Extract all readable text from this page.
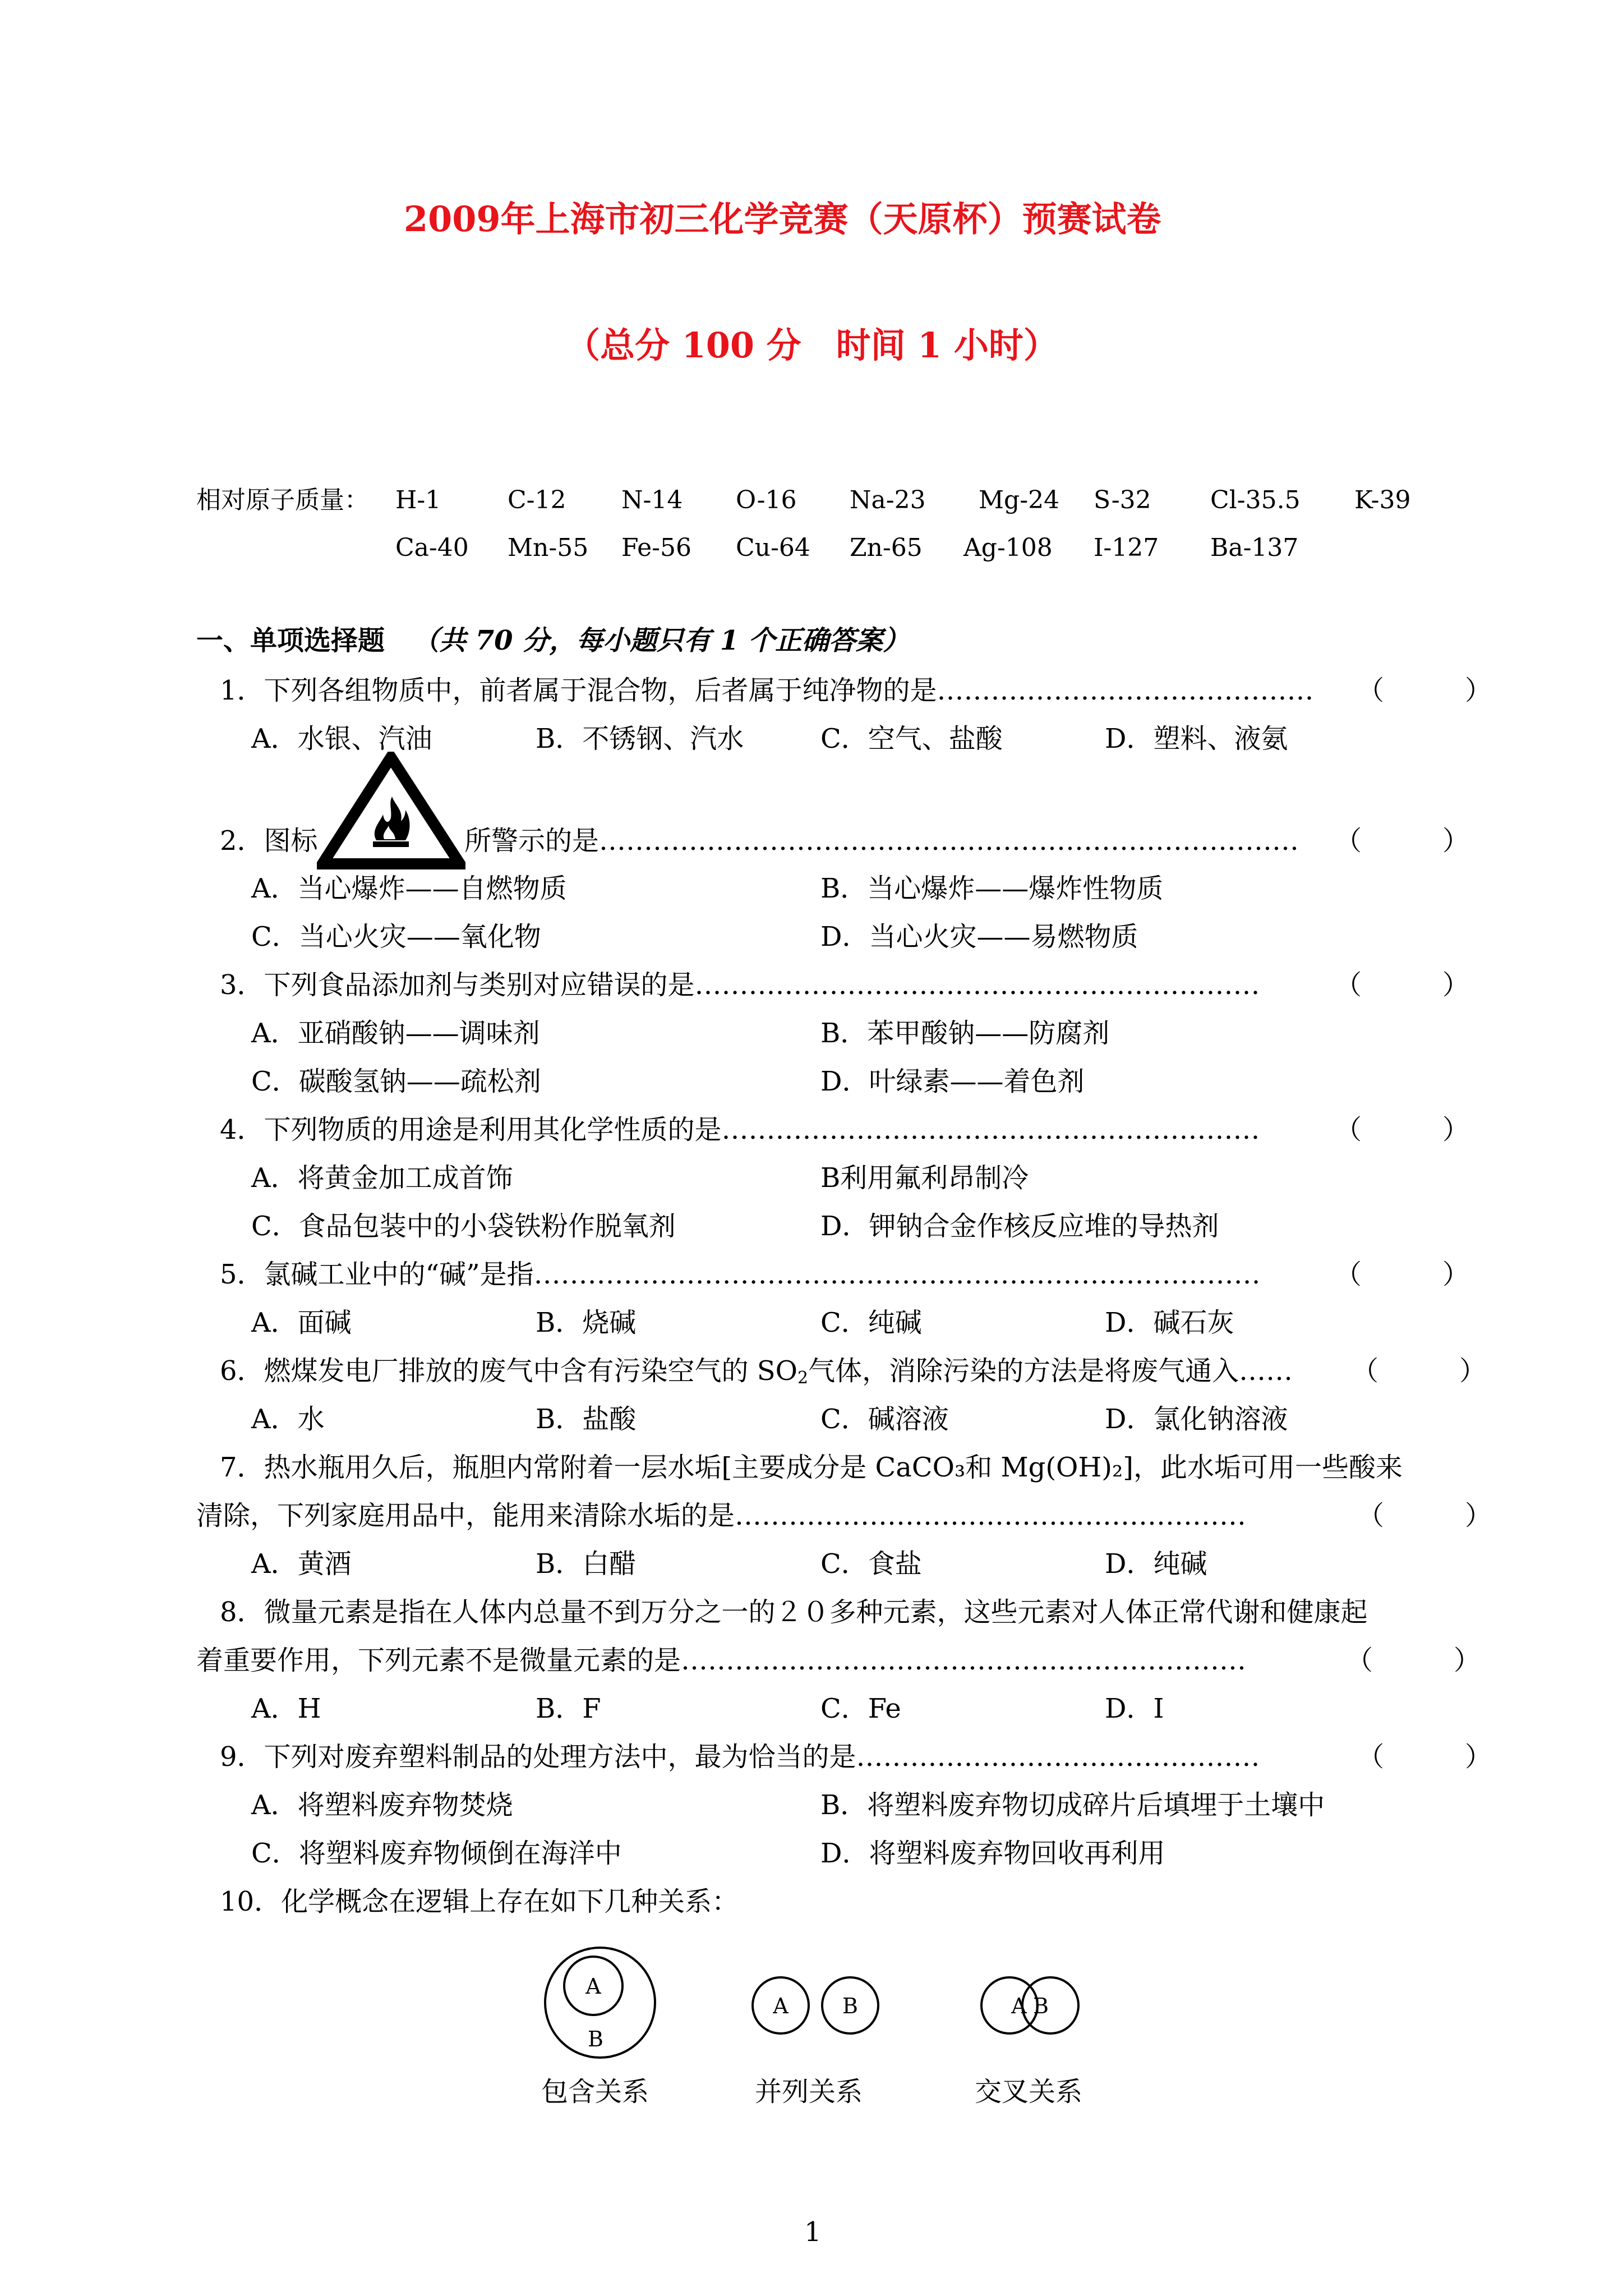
2009年上海市初三化学竞赛（天原杯）预赛试卷
（总分 100 分　时间 1 小时）
相对原子质量： H-1	C-12 N-14 O-16 Na-23 Mg-24 S-32 Cl-35.5 K-39
Ca-40 Mn-55 Fe-56 Cu-64 Zn-65 Ag-108 I-127 Ba-137
一、单项选择题 （共 70 分，每小题只有 1 个正确答案）
1．下列各组物质中，前者属于混合物，后者属于纯净物的是…………………………………… （　　　）
A．水银、汽油	B．不锈钢、汽水	C．空气、盐酸	D．塑料、液氨
2．图标	所警示的是…………………………………………………………………… （　　　）
A．当心爆炸——自燃物质	B．当心爆炸——爆炸性物质
C．当心火灾——氧化物	D．当心火灾——易燃物质
3．下列食品添加剂与类别对应错误的是………………………………………………………	（　　　）
A．亚硝酸钠——调味剂	B．苯甲酸钠——防腐剂
C．碳酸氢钠——疏松剂	D．叶绿素——着色剂
4．下列物质的用途是利用其化学性质的是……………………………………………………	（　　　）
A．将黄金加工成首饰	B利用氟利昂制冷
C．食品包装中的小袋铁粉作脱氧剂	D．钾钠合金作核反应堆的导热剂
5．氯碱工业中的“碱”是指………………………………………………………………………	（　　　）
A．面碱	B．烧碱	C．纯碱	D．碱石灰
6．燃煤发电厂排放的废气中含有污染空气的 $SO_2$气体，消除污染的方法是将废气通入…… （　　　）
A．水	B．盐酸	C．碱溶液	D．氯化钠溶液
7．热水瓶用久后，瓶胆内常附着一层水垢[主要成分是 CaCO₃和 Mg(OH)₂]，此水垢可用一些酸来
清除，下列家庭用品中，能用来清除水垢的是…………………………………………………	（　　　）
A．黄酒	B．白醋	C．食盐	D．纯碱
8．微量元素是指在人体内总量不到万分之一的２０多种元素，这些元素对人体正常代谢和健康起
着重要作用，下列元素不是微量元素的是………………………………………………………	（　　　）
A．H	B．F	C．Fe	D．I
9．下列对废弃塑料制品的处理方法中，最为恰当的是………………………………………	（　　　）
A．将塑料废弃物焚烧	B．将塑料废弃物切成碎片后填埋于土壤中
C．将塑料废弃物倾倒在海洋中	D．将塑料废弃物回收再利用
10．化学概念在逻辑上存在如下几种关系：
A
B
包含关系
A	B
并列关系
A B
交叉关系
1
